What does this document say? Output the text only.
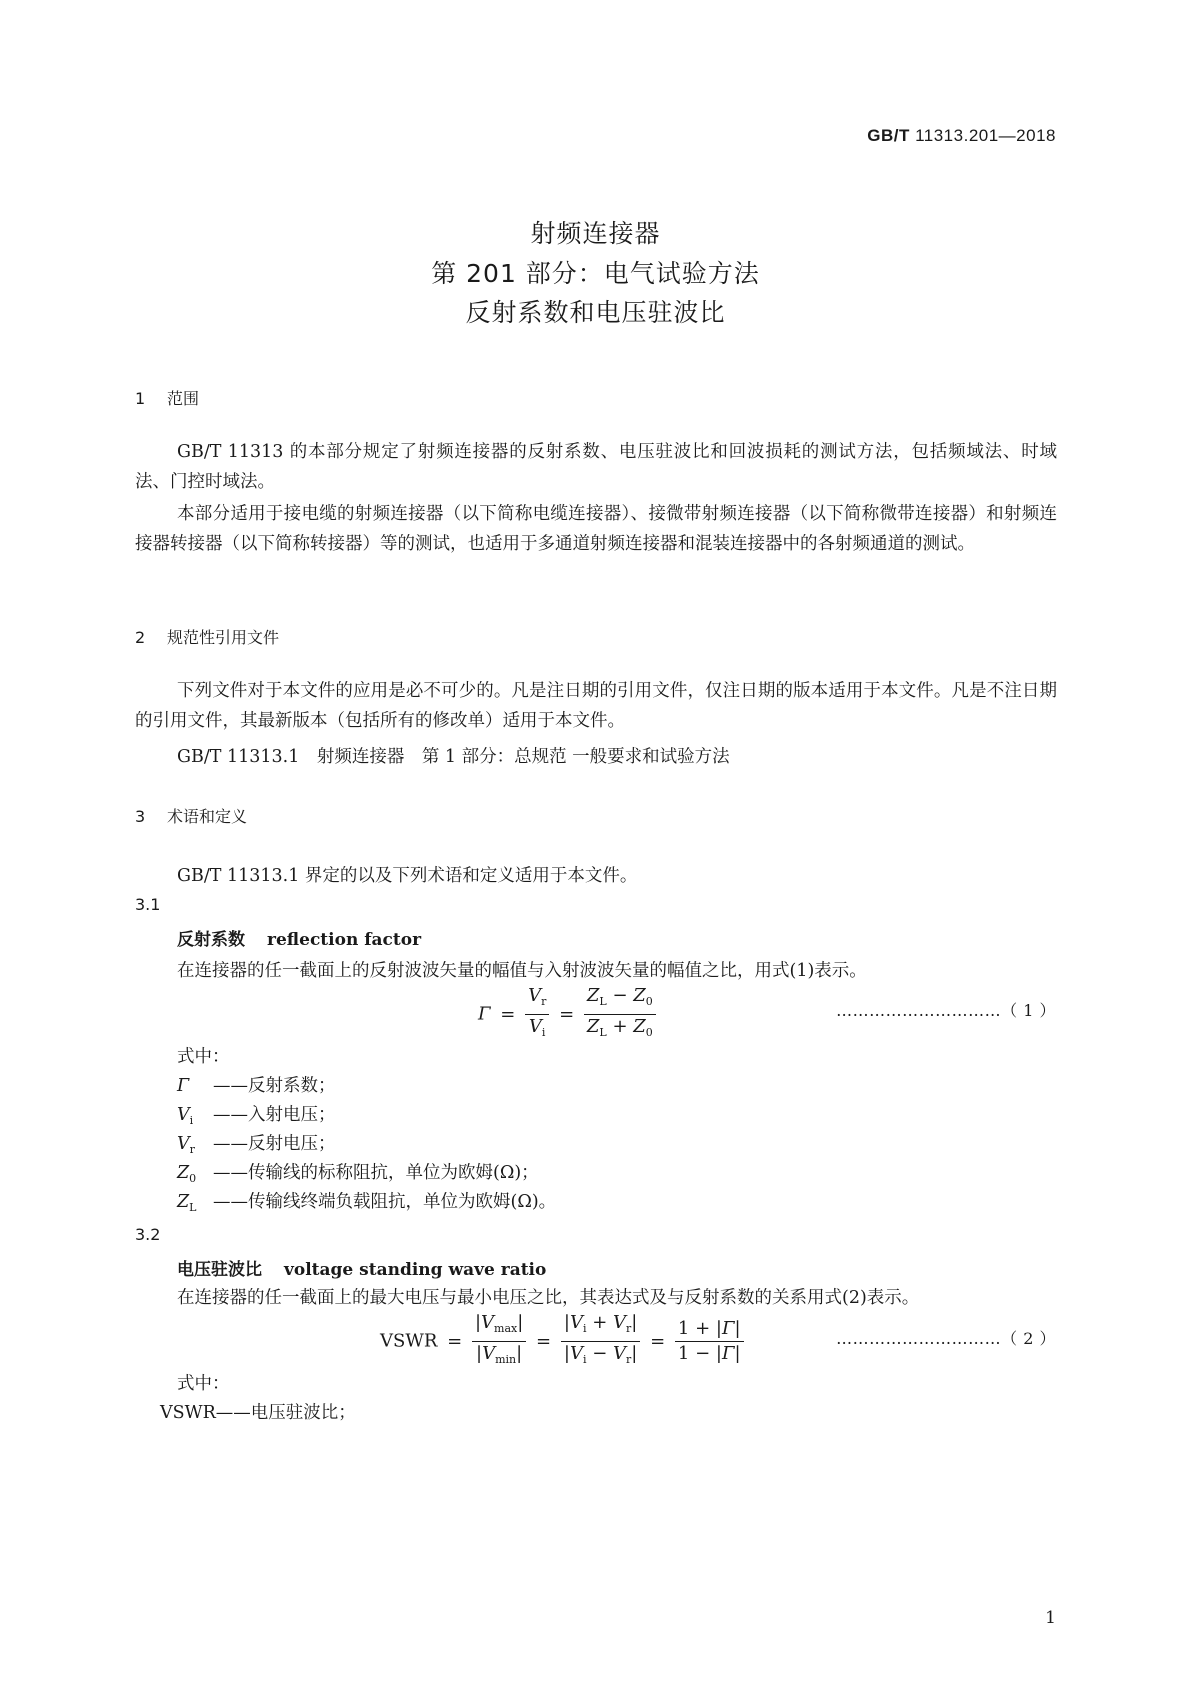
GB/T 11313.201—2018
射频连接器
第 201 部分：电气试验方法
反射系数和电压驻波比
1 范围

GB/T 11313 的本部分规定了射频连接器的反射系数、电压驻波比和回波损耗的测试方法，包括频域法、时域法、门控时域法。

本部分适用于接电缆的射频连接器（以下简称电缆连接器）、接微带射频连接器（以下简称微带连接器）和射频连接器转接器（以下简称转接器）等的测试，也适用于多通道射频连接器和混装连接器中的各射频通道的测试。

2 规范性引用文件

下列文件对于本文件的应用是必不可少的。凡是注日期的引用文件，仅注日期的版本适用于本文件。凡是不注日期的引用文件，其最新版本（包括所有的修改单）适用于本文件。

GB/T 11313.1　射频连接器　第 1 部分：总规范 一般要求和试验方法
3 术语和定义
GB/T 11313.1 界定的以及下列术语和定义适用于本文件。
3.1
反射系数 reflection factor
在连接器的任一截面上的反射波波矢量的幅值与入射波波矢量的幅值之比，用式(1)表示。
$\Gamma = \frac{V_r}{V_i} = \frac{Z_L - Z_0}{Z_L + Z_0}$	…………………………（ 1 ）
式中：
Γ ——反射系数；
$V_i$ ——入射电压；
$V_r$ ——反射电压；
$Z_0$ ——传输线的标称阻抗，单位为欧姆(Ω)；
$Z_L$ ——传输线终端负载阻抗，单位为欧姆(Ω)。
3.2
电压驻波比 voltage standing wave ratio
在连接器的任一截面上的最大电压与最小电压之比，其表达式及与反射系数的关系用式(2)表示。
VSWR = $\frac{|V_{max}|}{|V_{min}|} = \frac{|V_i + V_r|}{|V_i - V_r|} = \frac{1 + |\Gamma|}{1 - |\Gamma|}$	…………………………（ 2 ）
式中：
VSWR——电压驻波比；
1
